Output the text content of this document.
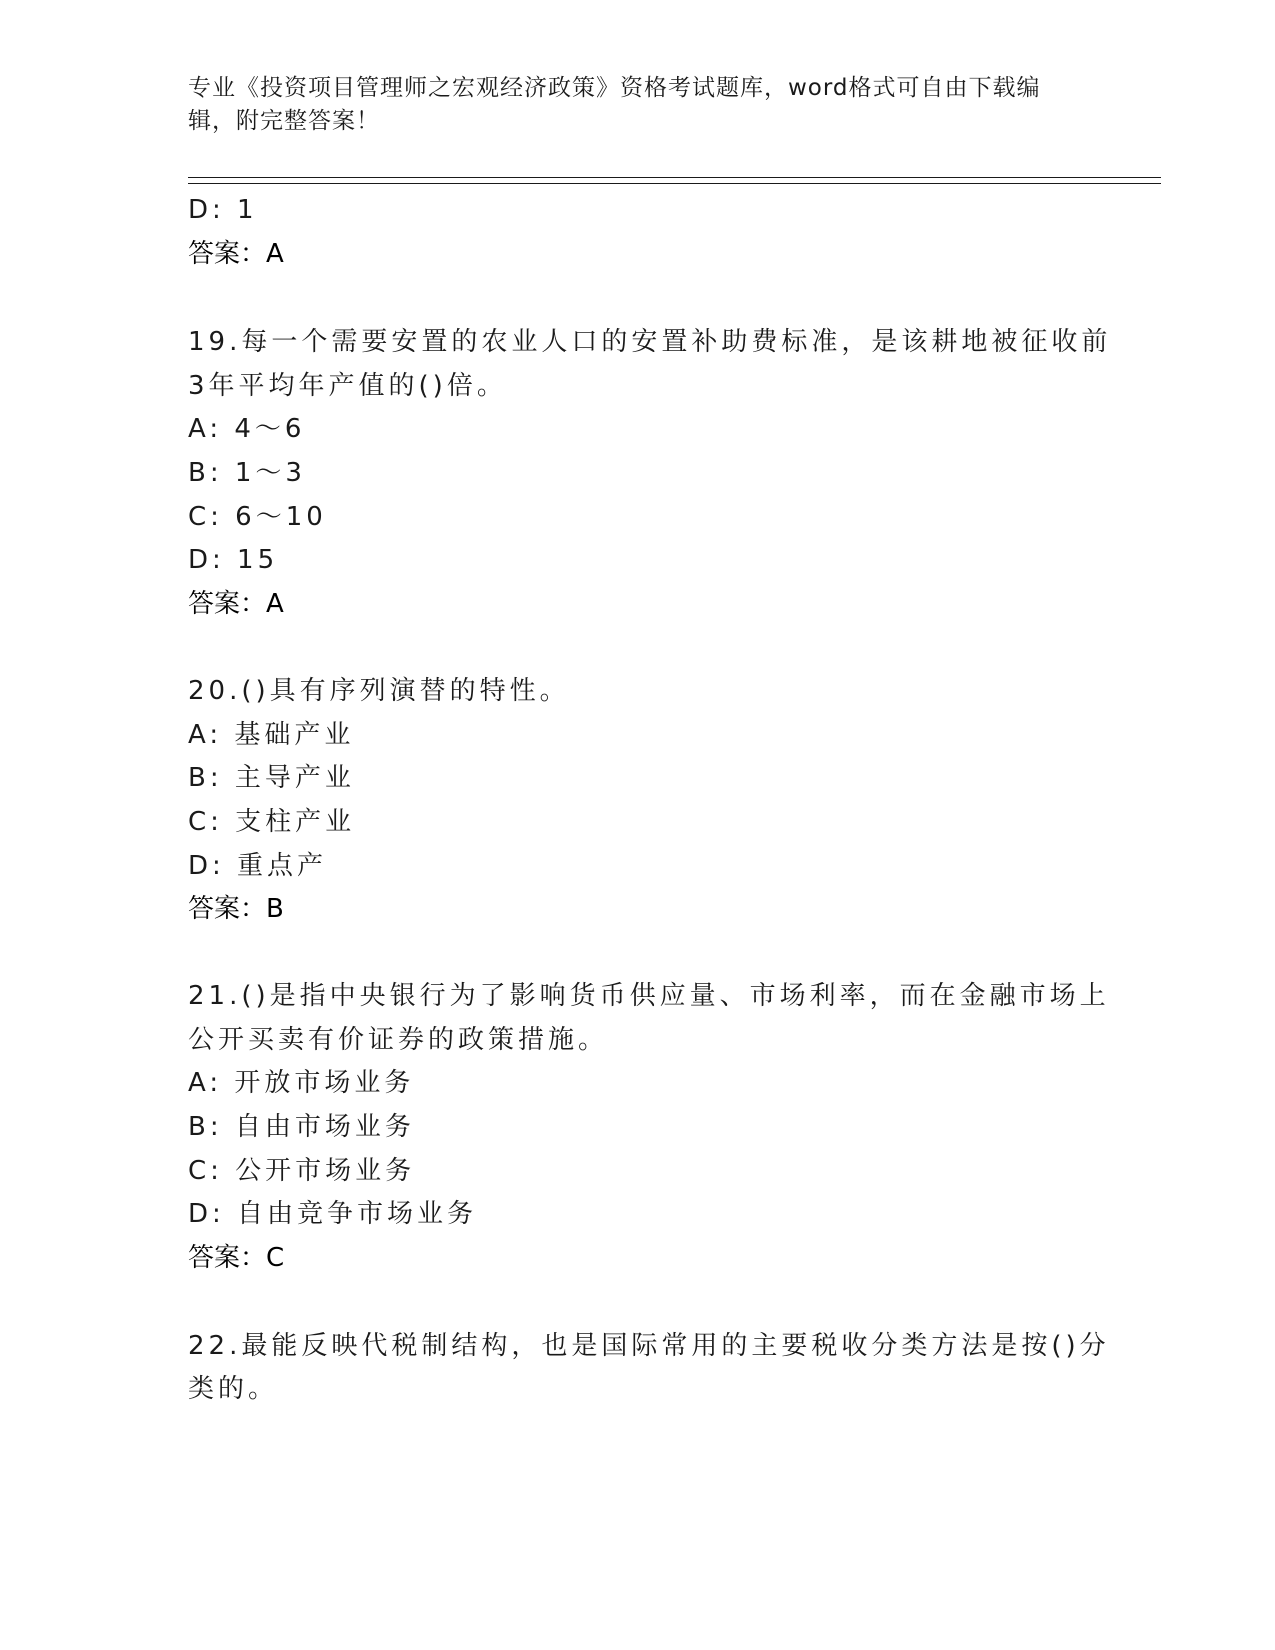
专业《投资项目管理师之宏观经济政策》资格考试题库，word格式可自由下载编
辑，附完整答案！
D: 1
答案：A
19.每一个需要安置的农业人口的安置补助费标准，是该耕地被征收前
3年平均年产值的()倍。
A: 4～6
B: 1～3
C: 6～10
D: 15
答案：A
20.()具有序列演替的特性。
A: 基础产业
B: 主导产业
C: 支柱产业
D: 重点产
答案：B
21.()是指中央银行为了影响货币供应量、市场利率，而在金融市场上
公开买卖有价证券的政策措施。
A: 开放市场业务
B: 自由市场业务
C: 公开市场业务
D: 自由竞争市场业务
答案：C
22.最能反映代税制结构，也是国际常用的主要税收分类方法是按()分
类的。
